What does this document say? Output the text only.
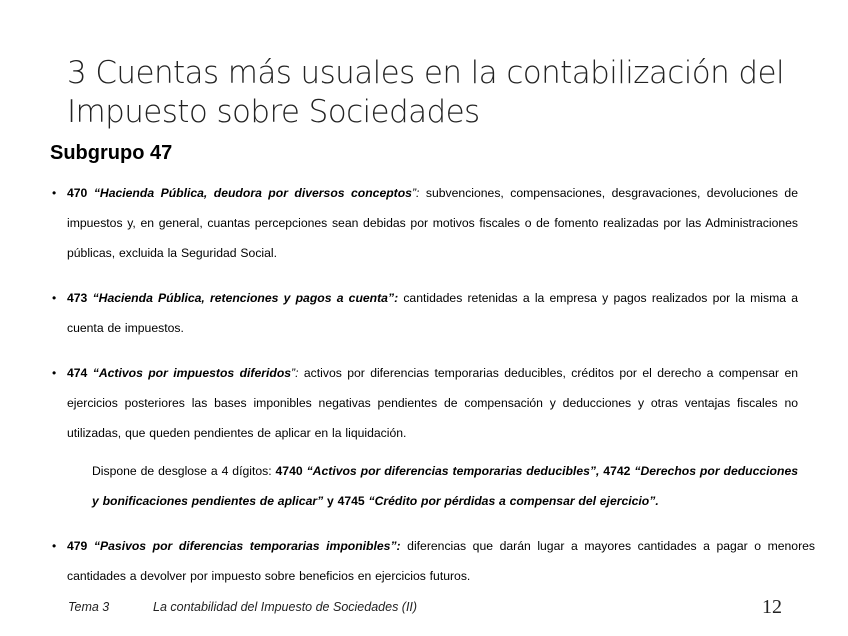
3 Cuentas más usuales en la contabilización del Impuesto sobre Sociedades
Subgrupo 47
• 470 “Hacienda Pública, deudora por diversos conceptos”: subvenciones, compensaciones, desgravaciones, devoluciones de impuestos y, en general, cuantas percepciones sean debidas por motivos fiscales o de fomento realizadas por las Administraciones públicas, excluida la Seguridad Social.
• 473 “Hacienda Pública, retenciones y pagos a cuenta”: cantidades retenidas a la empresa y pagos realizados por la misma a cuenta de impuestos.
• 474 “Activos por impuestos diferidos”: activos por diferencias temporarias deducibles, créditos por el derecho a compensar en ejercicios posteriores las bases imponibles negativas pendientes de compensación y deducciones y otras ventajas fiscales no utilizadas, que queden pendientes de aplicar en la liquidación.

Dispone de desglose a 4 dígitos: 4740 “Activos por diferencias temporarias deducibles”, 4742 “Derechos por deducciones y bonificaciones pendientes de aplicar” y 4745 “Crédito por pérdidas a compensar del ejercicio”.

• 479 “Pasivos por diferencias temporarias imponibles”: diferencias que darán lugar a mayores cantidades a pagar o menores cantidades a devolver por impuesto sobre beneficios en ejercicios futuros.
Tema 3	La contabilidad del Impuesto de Sociedades (II)	12
